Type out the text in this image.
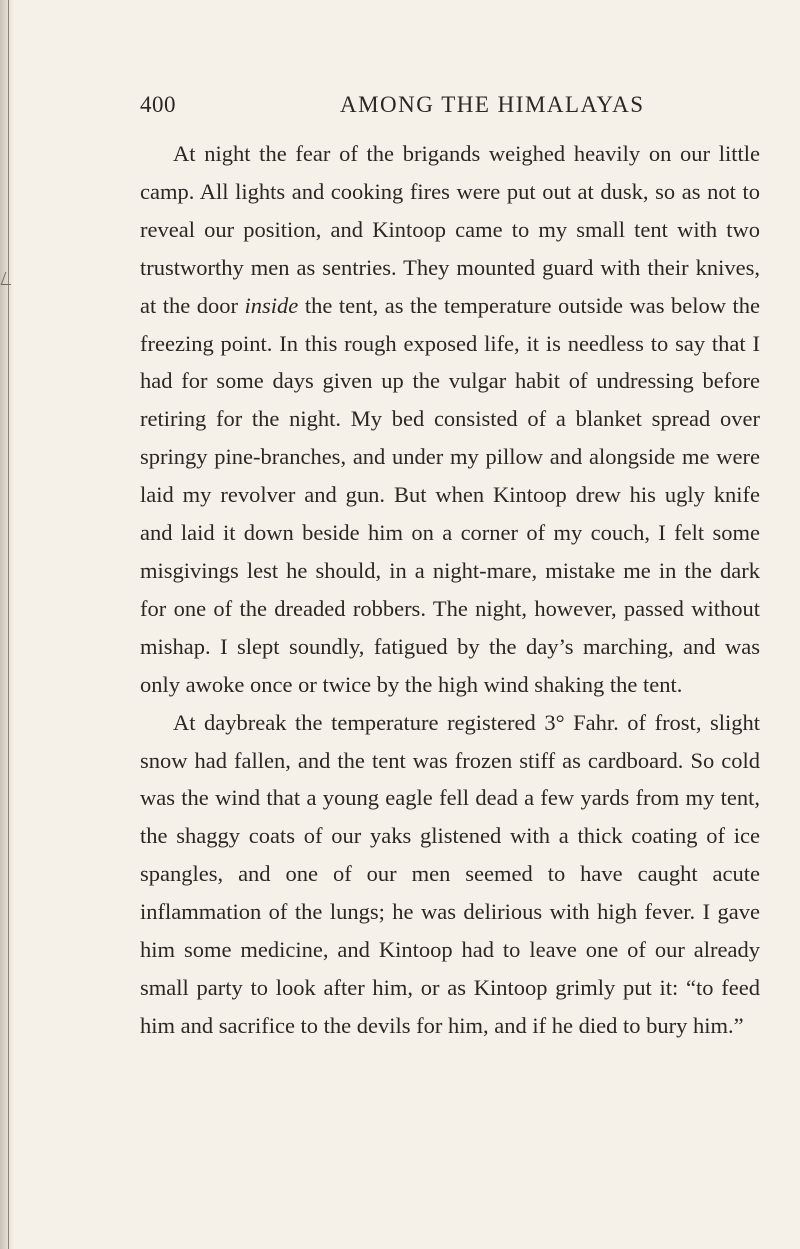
400	AMONG THE HIMALAYAS

At night the fear of the brigands weighed heavily on our little camp. All lights and cooking fires were put out at dusk, so as not to reveal our position, and Kintoop came to my small tent with two trustworthy men as sentries. They mounted guard with their knives, at the door inside the tent, as the temperature outside was below the freezing point. In this rough exposed life, it is needless to say that I had for some days given up the vulgar habit of undressing before retiring for the night. My bed consisted of a blanket spread over springy pine-branches, and under my pillow and alongside me were laid my revolver and gun. But when Kintoop drew his ugly knife and laid it down beside him on a corner of my couch, I felt some misgivings lest he should, in a night-mare, mistake me in the dark for one of the dreaded robbers. The night, however, passed without mishap. I slept soundly, fatigued by the day’s marching, and was only awoke once or twice by the high wind shaking the tent.

At daybreak the temperature registered 3° Fahr. of frost, slight snow had fallen, and the tent was frozen stiff as cardboard. So cold was the wind that a young eagle fell dead a few yards from my tent, the shaggy coats of our yaks glistened with a thick coating of ice spangles, and one of our men seemed to have caught acute inflammation of the lungs; he was delirious with high fever. I gave him some medicine, and Kintoop had to leave one of our already small party to look after him, or as Kintoop grimly put it: “to feed him and sacrifice to the devils for him, and if he died to bury him.”
